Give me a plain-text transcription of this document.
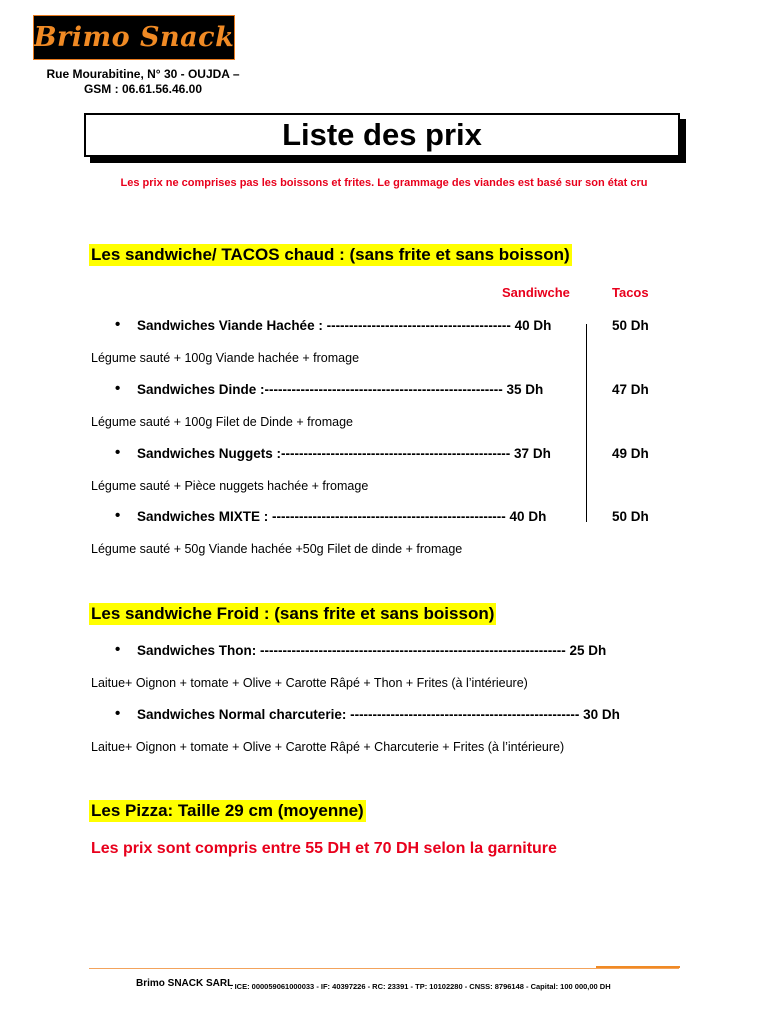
Brimo Snack
Rue Mourabitine, N° 30 - OUJDA –
GSM : 06.61.56.46.00
Liste des prix
Les prix ne comprises pas les boissons et frites. Le grammage des viandes est basé sur son état cru
Les sandwiche/ TACOS chaud : (sans frite et sans boisson)
Sandiwche	Tacos
• Sandwiches Viande Hachée : ----------------------------------------- 40 Dh	50 Dh
Légume sauté + 100g Viande hachée + fromage
• Sandwiches Dinde :----------------------------------------------------- 35 Dh	47 Dh
Légume sauté + 100g Filet de Dinde + fromage
• Sandwiches Nuggets :--------------------------------------------------- 37 Dh	49 Dh
Légume sauté + Pièce nuggets hachée + fromage
• Sandwiches MIXTE : ---------------------------------------------------- 40 Dh	50 Dh
Légume sauté + 50g Viande hachée +50g Filet de dinde + fromage
Les sandwiche Froid : (sans frite et sans boisson)
• Sandwiches Thon: -------------------------------------------------------------------- 25 Dh
Laitue+ Oignon + tomate + Olive + Carotte Râpé + Thon + Frites (à l’intérieure)
• Sandwiches Normal charcuterie: --------------------------------------------------- 30 Dh
Laitue+ Oignon + tomate + Olive + Carotte Râpé + Charcuterie + Frites (à l’intérieure)
Les Pizza: Taille 29 cm (moyenne)
Les prix sont compris entre 55 DH et 70 DH selon la garniture
Brimo SNACK SARL
: ICE: 000059061000033 - IF: 40397226 - RC: 23391 - TP: 10102280 - CNSS: 8796148 - Capital: 100 000,00 DH
